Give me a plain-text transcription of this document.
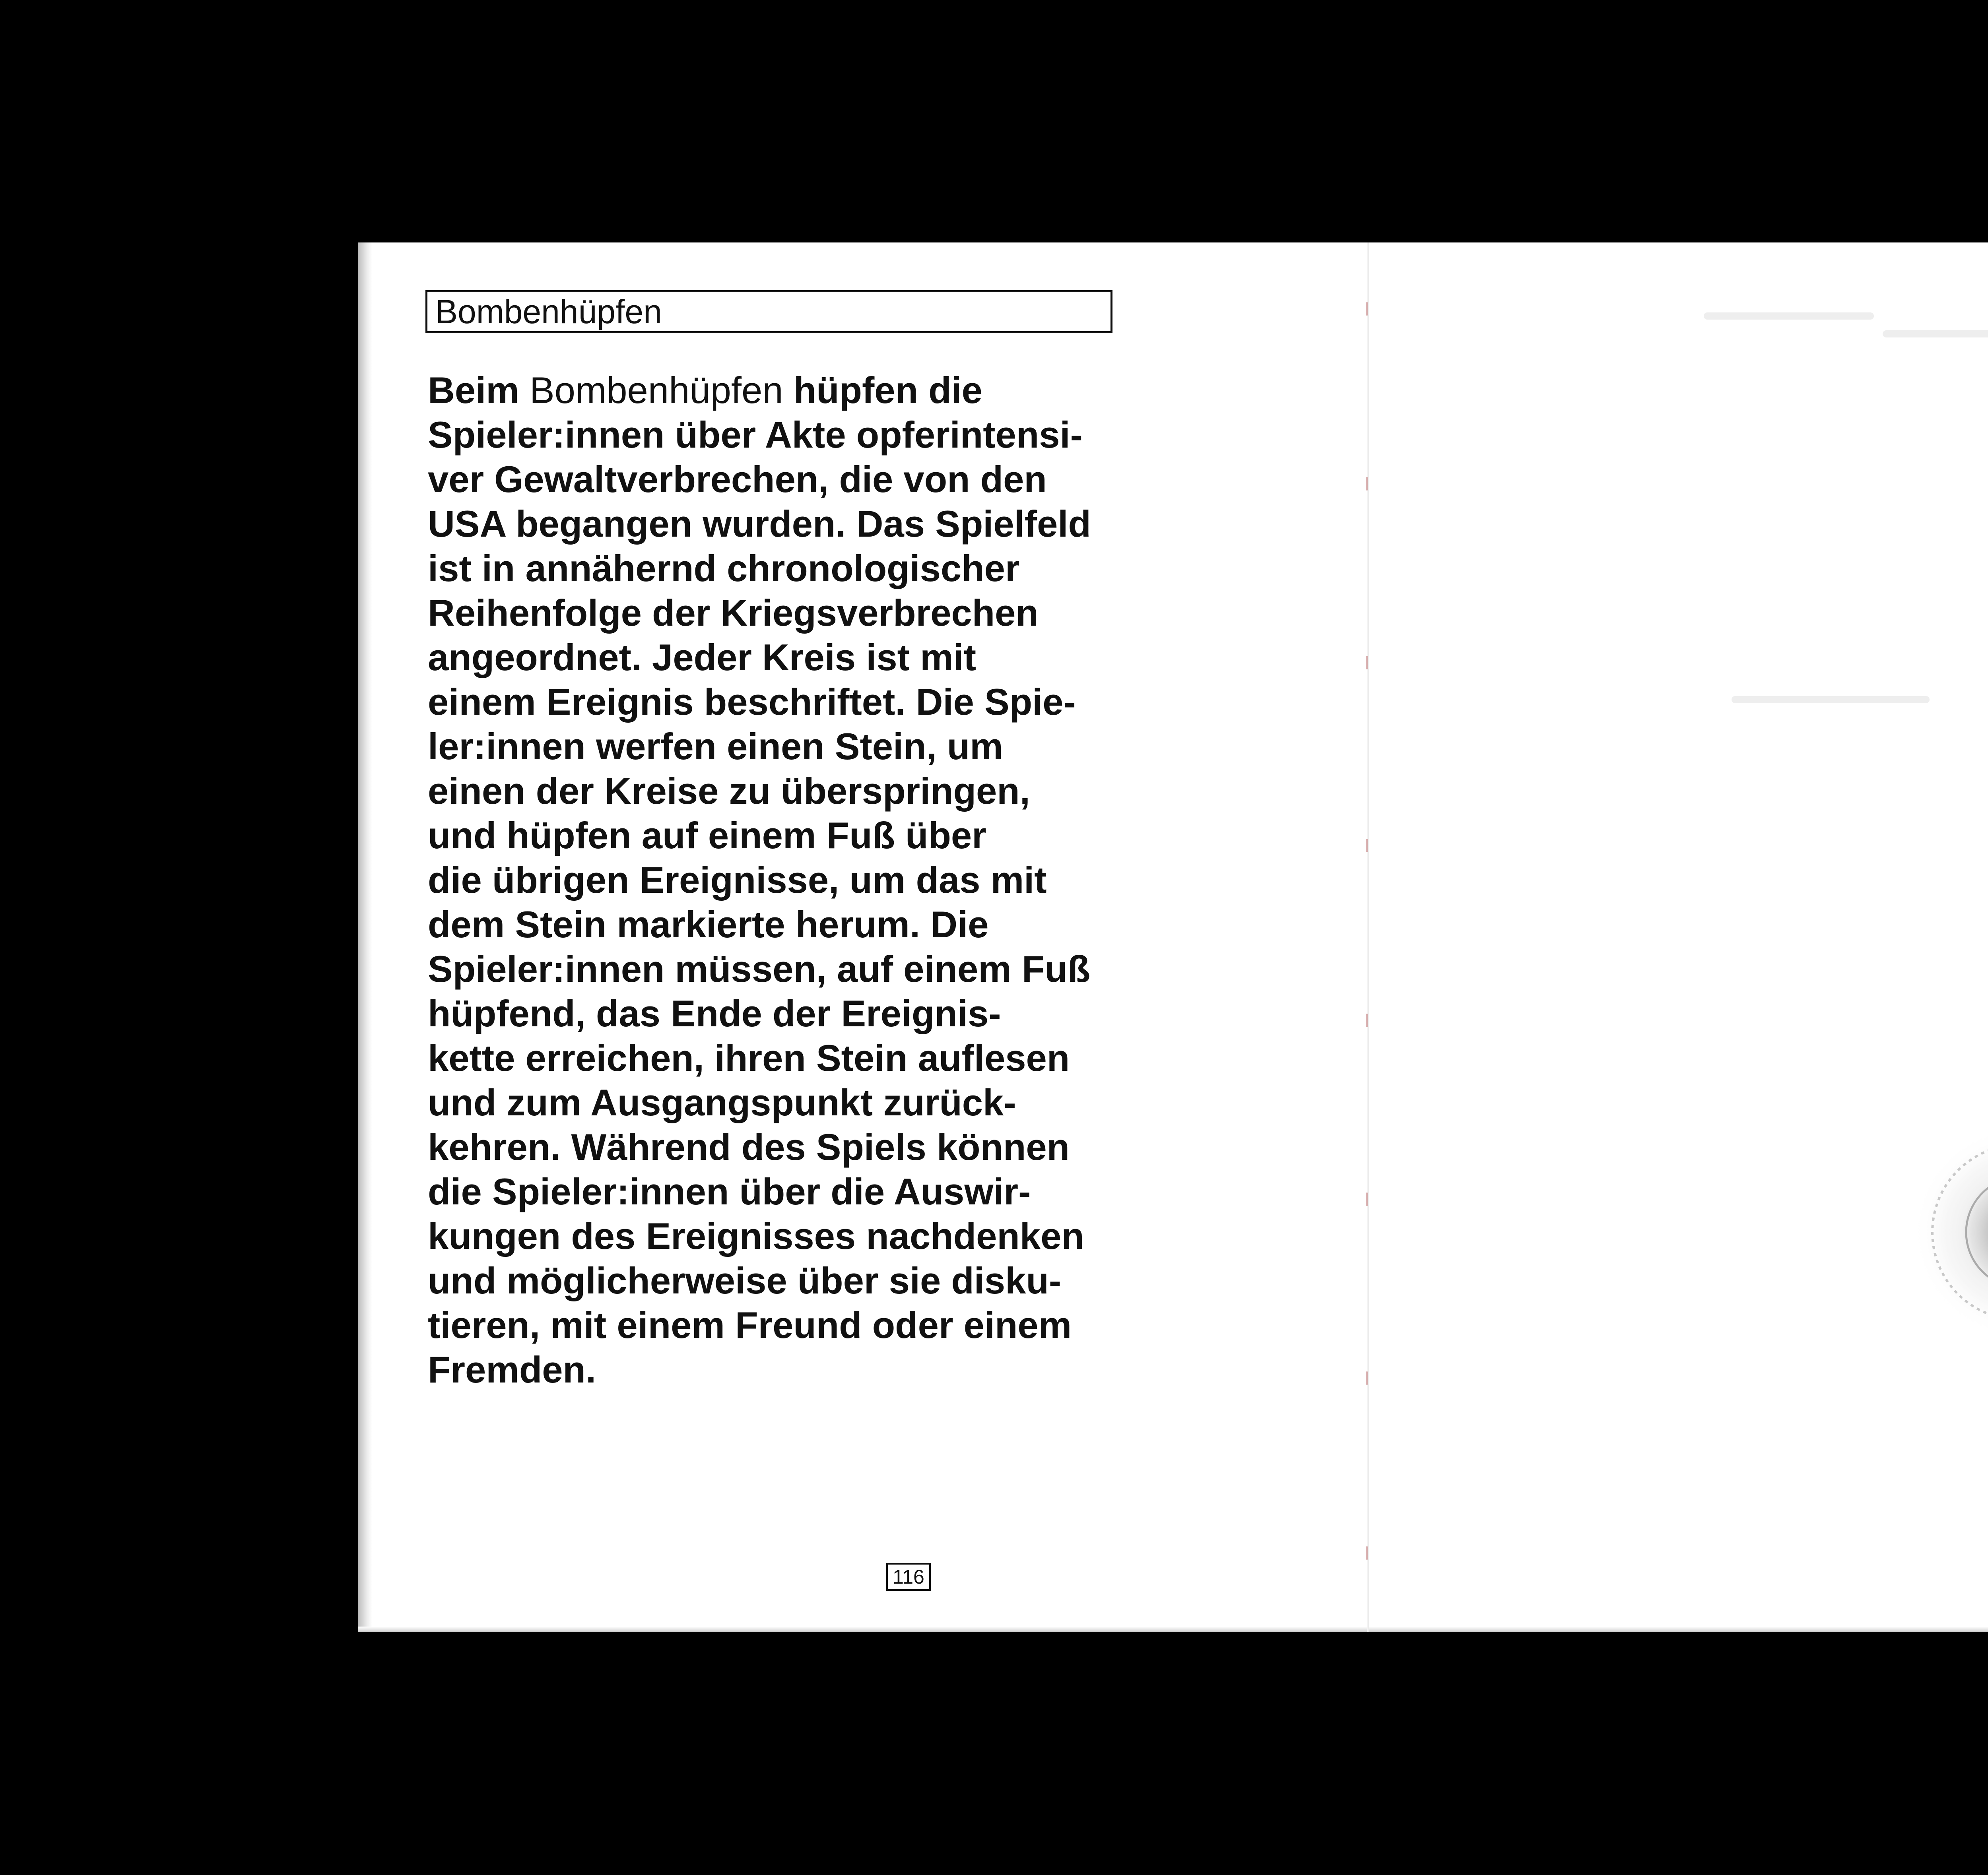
Bombenhüpfen

Beim Bombenhüpfen hüpfen die
Spieler:innen über Akte opferintensi-
ver Gewaltverbrechen, die von den
USA begangen wurden. Das Spielfeld
ist in annähernd chronologischer
Reihenfolge der Kriegsverbrechen
angeordnet. Jeder Kreis ist mit
einem Ereignis beschriftet. Die Spie-
ler:innen werfen einen Stein, um
einen der Kreise zu überspringen,
und hüpfen auf einem Fuß über
die übrigen Ereignisse, um das mit
dem Stein markierte herum. Die
Spieler:innen müssen, auf einem Fuß
hüpfend, das Ende der Ereignis-
kette erreichen, ihren Stein auflesen
und zum Ausgangspunkt zurück-
kehren. Während des Spiels können
die Spieler:innen über die Auswir-
kungen des Ereignisses nachdenken
und möglicherweise über sie disku-
tieren, mit einem Freund oder einem
Fremden.

116
